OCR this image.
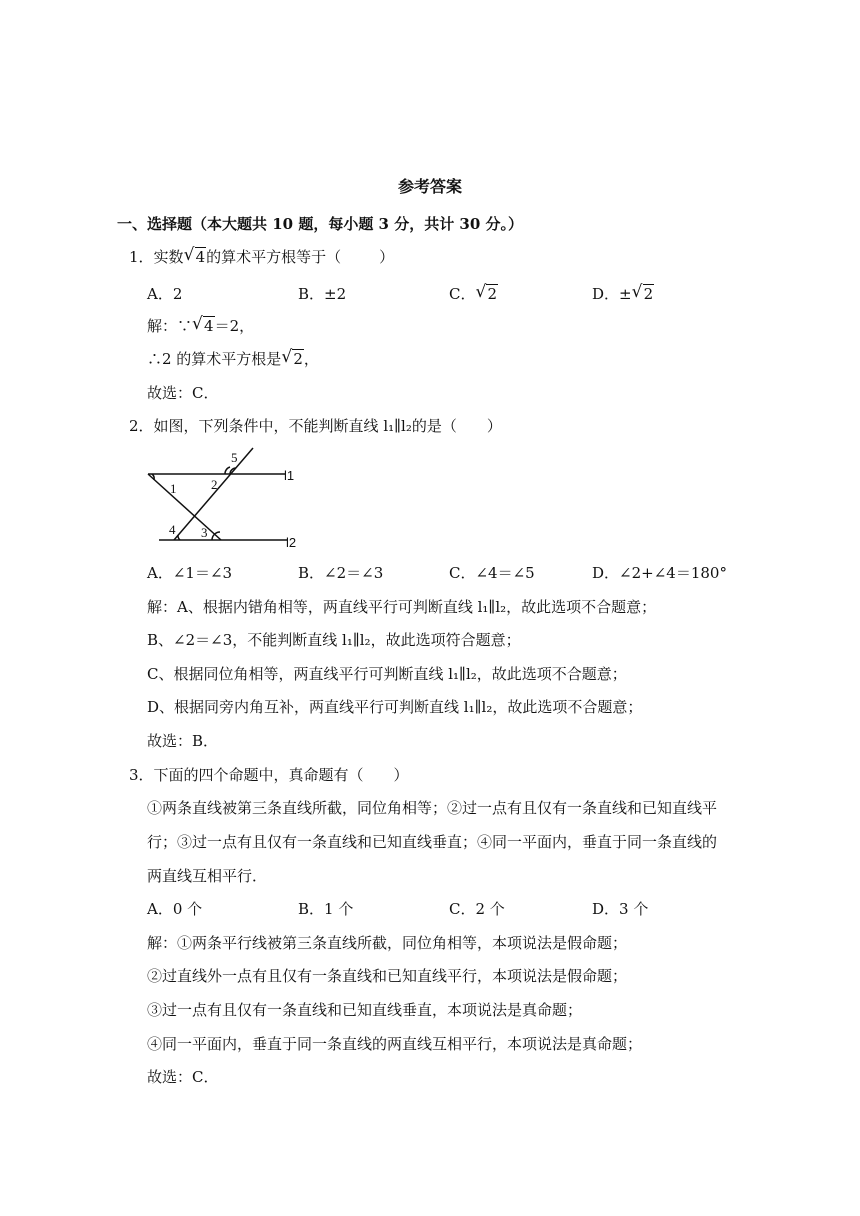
参考答案
一、选择题（本大题共 10 题，每小题 3 分，共计 30 分。）
1．实数 √ 4的算术平方根等于（	）
A．2	B．±2	C． √ 2	D．± √ 2
解：∵ √ 4＝2，
∴2 的算术平方根是 √ 2，
故选：C．
2．如图，下列条件中，不能判断直线 l₁∥l₂的是（　　）
1	2
3
4
5
l1
l2
A．∠1＝∠3	B．∠2＝∠3	C．∠4＝∠5	D．∠2+∠4＝180°
解：A、根据内错角相等，两直线平行可判断直线 l₁∥l₂，故此选项不合题意；
B、∠2＝∠3，不能判断直线 l₁∥l₂，故此选项符合题意；
C、根据同位角相等，两直线平行可判断直线 l₁∥l₂，故此选项不合题意；
D、根据同旁内角互补，两直线平行可判断直线 l₁∥l₂，故此选项不合题意；
故选：B．
3．下面的四个命题中，真命题有（　　）
①两条直线被第三条直线所截，同位角相等；②过一点有且仅有一条直线和已知直线平
行；③过一点有且仅有一条直线和已知直线垂直；④同一平面内，垂直于同一条直线的
两直线互相平行．
A．0 个	B．1 个	C．2 个	D．3 个
解：①两条平行线被第三条直线所截，同位角相等，本项说法是假命题；
②过直线外一点有且仅有一条直线和已知直线平行，本项说法是假命题；
③过一点有且仅有一条直线和已知直线垂直，本项说法是真命题；
④同一平面内，垂直于同一条直线的两直线互相平行，本项说法是真命题；
故选：C．
